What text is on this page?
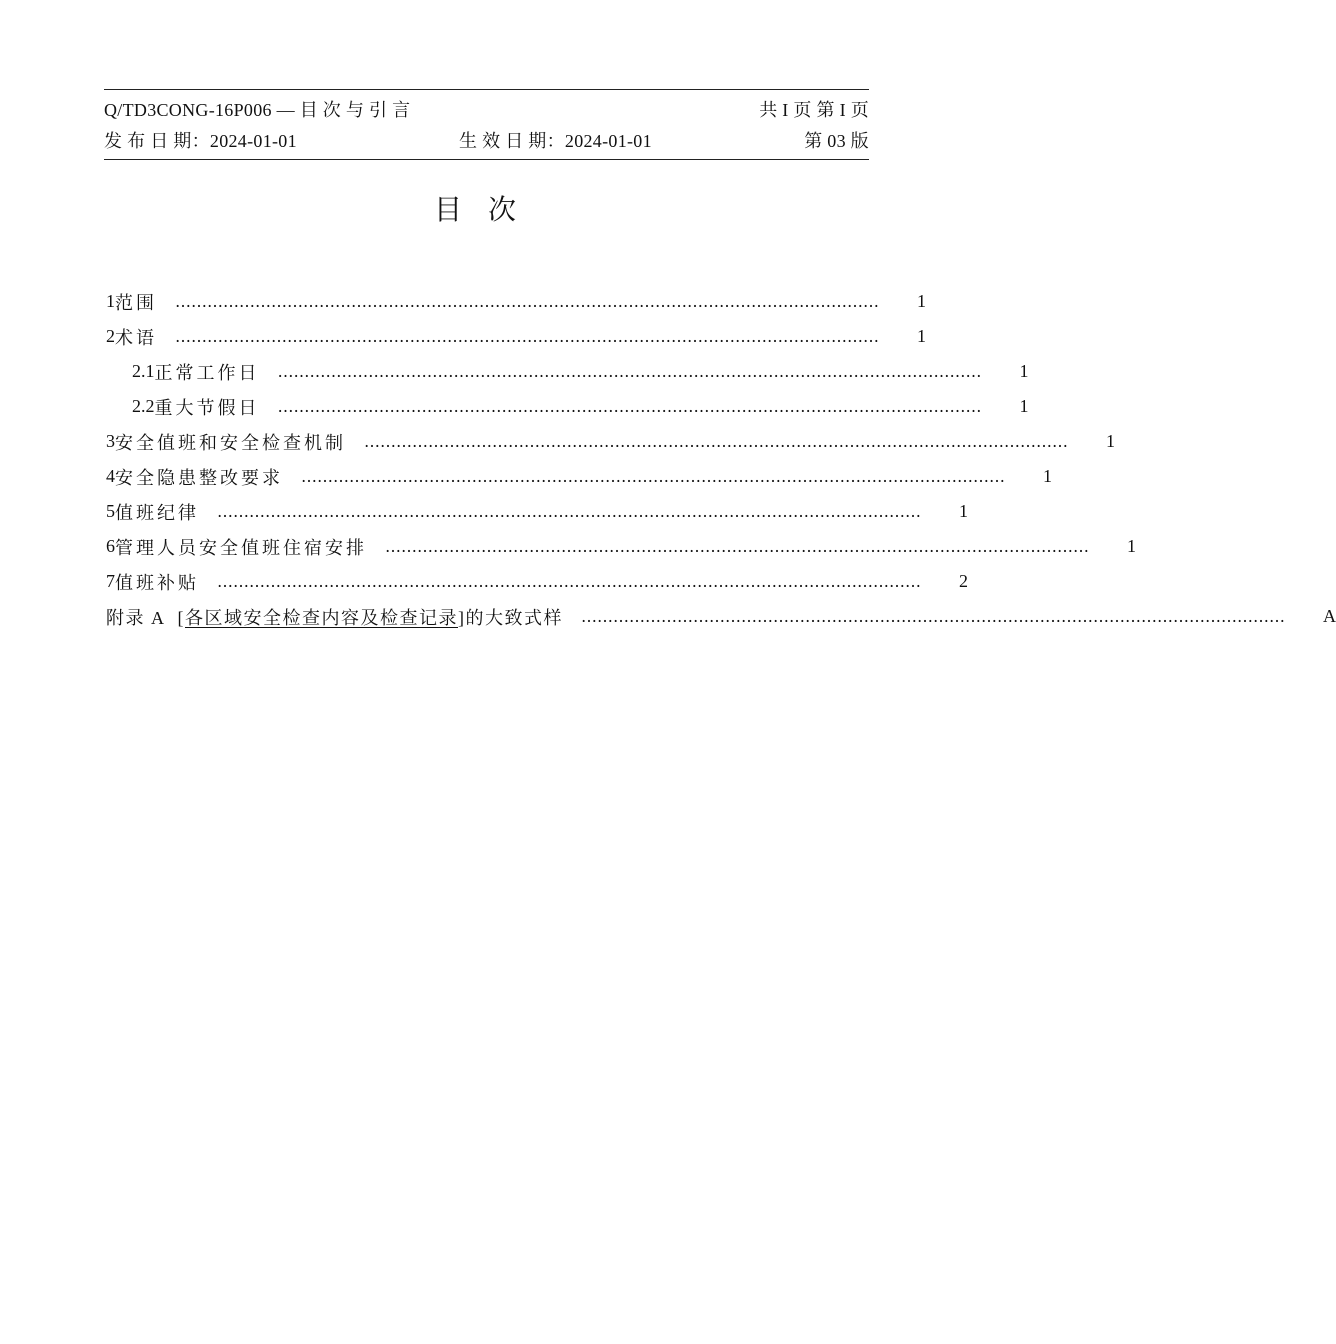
Q/TD3CONG-16P006 — 目 次 与 引 言	共 I 页 第 I 页
发 布 日 期：2024-01-01	生 效 日 期：2024-01-01	第 03 版
目次
1 范围 …………………………………………………………………………………………………………………… 1
2 术语 …………………………………………………………………………………………………………………… 1
2.1 正常工作日 …………………………………………………………………………………………………………………… 1
2.2 重大节假日 …………………………………………………………………………………………………………………… 1
3 安全值班和安全检查机制 …………………………………………………………………………………………………………………… 1
4 安全隐患整改要求 …………………………………………………………………………………………………………………… 1
5 值班纪律 …………………………………………………………………………………………………………………… 1
6 管理人员安全值班住宿安排 …………………………………………………………………………………………………………………… 1
7 值班补贴 …………………………………………………………………………………………………………………… 2
附录 A [各区域安全检查内容及检查记录]的大致式样 …………………………………………………………………………………………………………………… A
